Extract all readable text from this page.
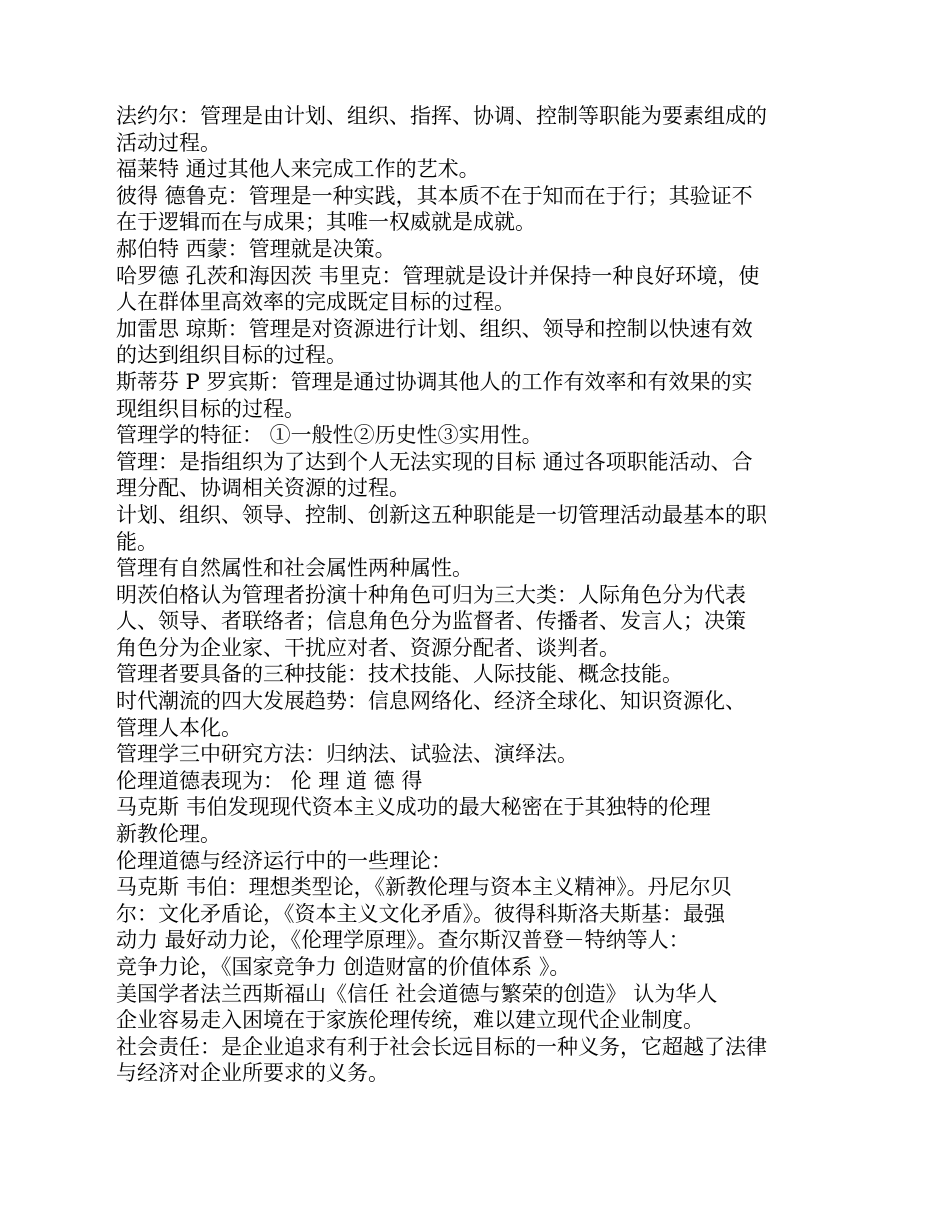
法约尔：管理是由计划、组织、指挥、协调、控制等职能为要素组成的
活动过程。
福莱特 通过其他人来完成工作的艺术。
彼得 德鲁克：管理是一种实践，其本质不在于知而在于行；其验证不
在于逻辑而在与成果；其唯一权威就是成就。
郝伯特 西蒙：管理就是决策。
哈罗德 孔茨和海因茨 韦里克：管理就是设计并保持一种良好环境，使
人在群体里高效率的完成既定目标的过程。
加雷思 琼斯：管理是对资源进行计划、组织、领导和控制以快速有效
的达到组织目标的过程。
斯蒂芬 P 罗宾斯：管理是通过协调其他人的工作有效率和有效果的实
现组织目标的过程。
管理学的特征： ①一般性②历史性③实用性。
管理：是指组织为了达到个人无法实现的目标 通过各项职能活动、合
理分配、协调相关资源的过程。
计划、组织、领导、控制、创新这五种职能是一切管理活动最基本的职
能。
管理有自然属性和社会属性两种属性。
明茨伯格认为管理者扮演十种角色可归为三大类：人际角色分为代表
人、领导、者联络者；信息角色分为监督者、传播者、发言人；决策
角色分为企业家、干扰应对者、资源分配者、谈判者。
管理者要具备的三种技能：技术技能、人际技能、概念技能。
时代潮流的四大发展趋势：信息网络化、经济全球化、知识资源化、
管理人本化。
管理学三中研究方法：归纳法、试验法、演绎法。
伦理道德表现为： 伦 理 道 德 得
马克斯 韦伯发现现代资本主义成功的最大秘密在于其独特的伦理
新教伦理。
伦理道德与经济运行中的一些理论：
马克斯 韦伯：理想类型论，《新教伦理与资本主义精神》。丹尼尔贝
尔：文化矛盾论，《资本主义文化矛盾》。彼得科斯洛夫斯基：最强
动力 最好动力论，《伦理学原理》。查尔斯汉普登－特纳等人：
竞争力论，《国家竞争力 创造财富的价值体系 》。
美国学者法兰西斯福山《信任 社会道德与繁荣的创造》 认为华人
企业容易走入困境在于家族伦理传统，难以建立现代企业制度。
社会责任：是企业追求有利于社会长远目标的一种义务，它超越了法律
与经济对企业所要求的义务。
